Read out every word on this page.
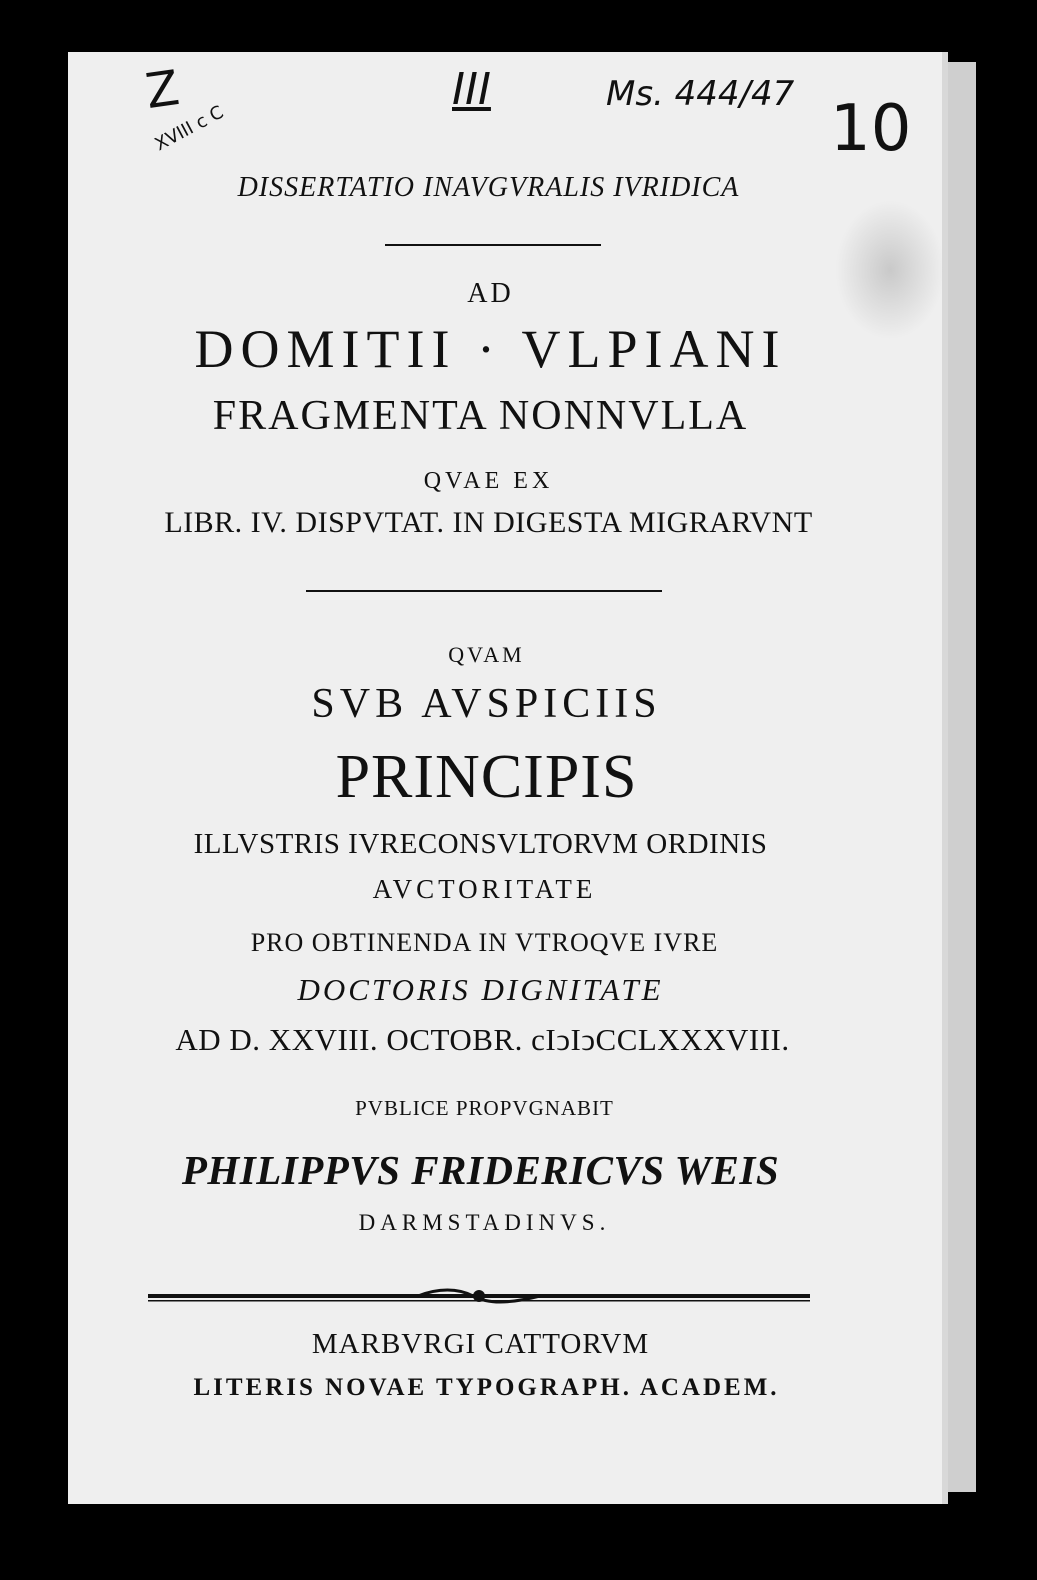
Z
XVIII c C
III	Ms. 444/47 10
DISSERTATIO INAVGVRALIS IVRIDICA
AD
DOMITII · VLPIANI
FRAGMENTA NONNVLLA
QVAE EX
LIBR. IV. DISPVTAT. IN DIGESTA MIGRARVNT
QVAM
SVB AVSPICIIS
PRINCIPIS
ILLVSTRIS IVRECONSVLTORVM ORDINIS
AVCTORITATE
PRO OBTINENDA IN VTROQVE IVRE
DOCTORIS DIGNITATE
AD D. XXVIII. OCTOBR. cIↄIↄCCLXXXVIII.
PVBLICE PROPVGNABIT
PHILIPPVS FRIDERICVS WEIS
DARMSTADINVS.
MARBVRGI CATTORVM
LITERIS NOVAE TYPOGRAPH. ACADEM.
